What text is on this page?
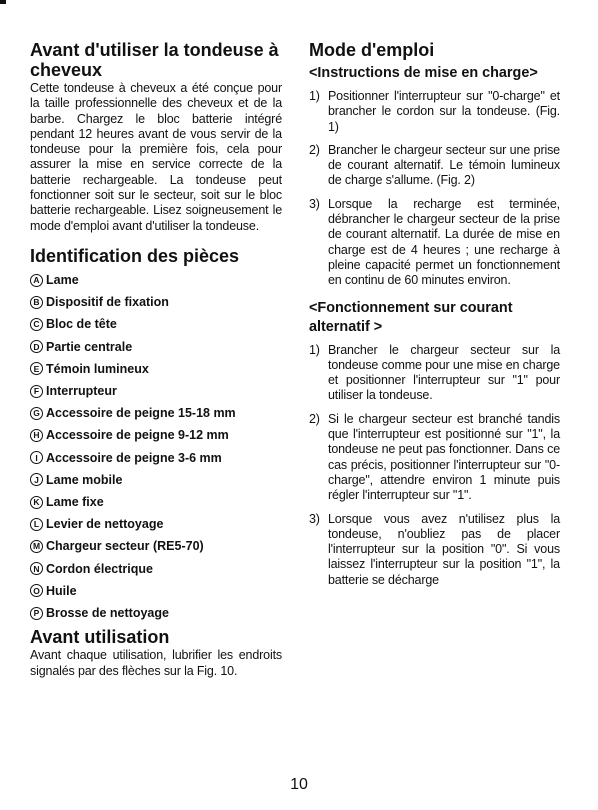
Avant d'utiliser la tondeuse à cheveux

Cette tondeuse à cheveux a été conçue pour la taille professionnelle des cheveux et de la barbe. Chargez le bloc batterie intégré pendant 12 heures avant de vous servir de la tondeuse pour la première fois, cela pour assurer la mise en service correcte de la batterie rechargeable. La tondeuse peut fonctionner soit sur le secteur, soit sur le bloc batterie rechargeable. Lisez soigneusement le mode d'emploi avant d'utiliser la tondeuse.

Identification des pièces
A Lame
B Dispositif de fixation
C Bloc de tête
D Partie centrale
E Témoin lumineux
F Interrupteur
G Accessoire de peigne 15-18 mm
H Accessoire de peigne 9-12 mm
I Accessoire de peigne 3-6 mm
J Lame mobile
K Lame fixe
L Levier de nettoyage
M Chargeur secteur (RE5-70)
N Cordon électrique
O Huile
P Brosse de nettoyage
Avant utilisation

Avant chaque utilisation, lubrifier les endroits signalés par des flèches sur la Fig. 10.

Mode d'emploi
<Instructions de mise en charge>
1) Positionner l'interrupteur sur "0-charge" et brancher le cordon sur la tondeuse. (Fig. 1)
2) Brancher le chargeur secteur sur une prise de courant alternatif. Le témoin lumineux de charge s'allume. (Fig. 2)
3) Lorsque la recharge est terminée, débrancher le chargeur secteur de la prise de courant alternatif. La durée de mise en charge est de 4 heures ; une recharge à pleine capacité permet un fonctionnement en continu de 60 minutes environ.
<Fonctionnement sur courant alternatif >
1) Brancher le chargeur secteur sur la tondeuse comme pour une mise en charge et positionner l'interrupteur sur "1" pour utiliser la tondeuse.
2) Si le chargeur secteur est branché tandis que l'interrupteur est positionné sur "1", la tondeuse ne peut pas fonctionner. Dans ce cas précis, positionner l'interrupteur sur "0-charge", attendre environ 1 minute puis régler l'interrupteur sur "1".
3) Lorsque vous avez n'utilisez plus la tondeuse, n'oubliez pas de placer l'interrupteur sur la position "0". Si vous laissez l'interrupteur sur la position "1", la batterie se décharge
10
